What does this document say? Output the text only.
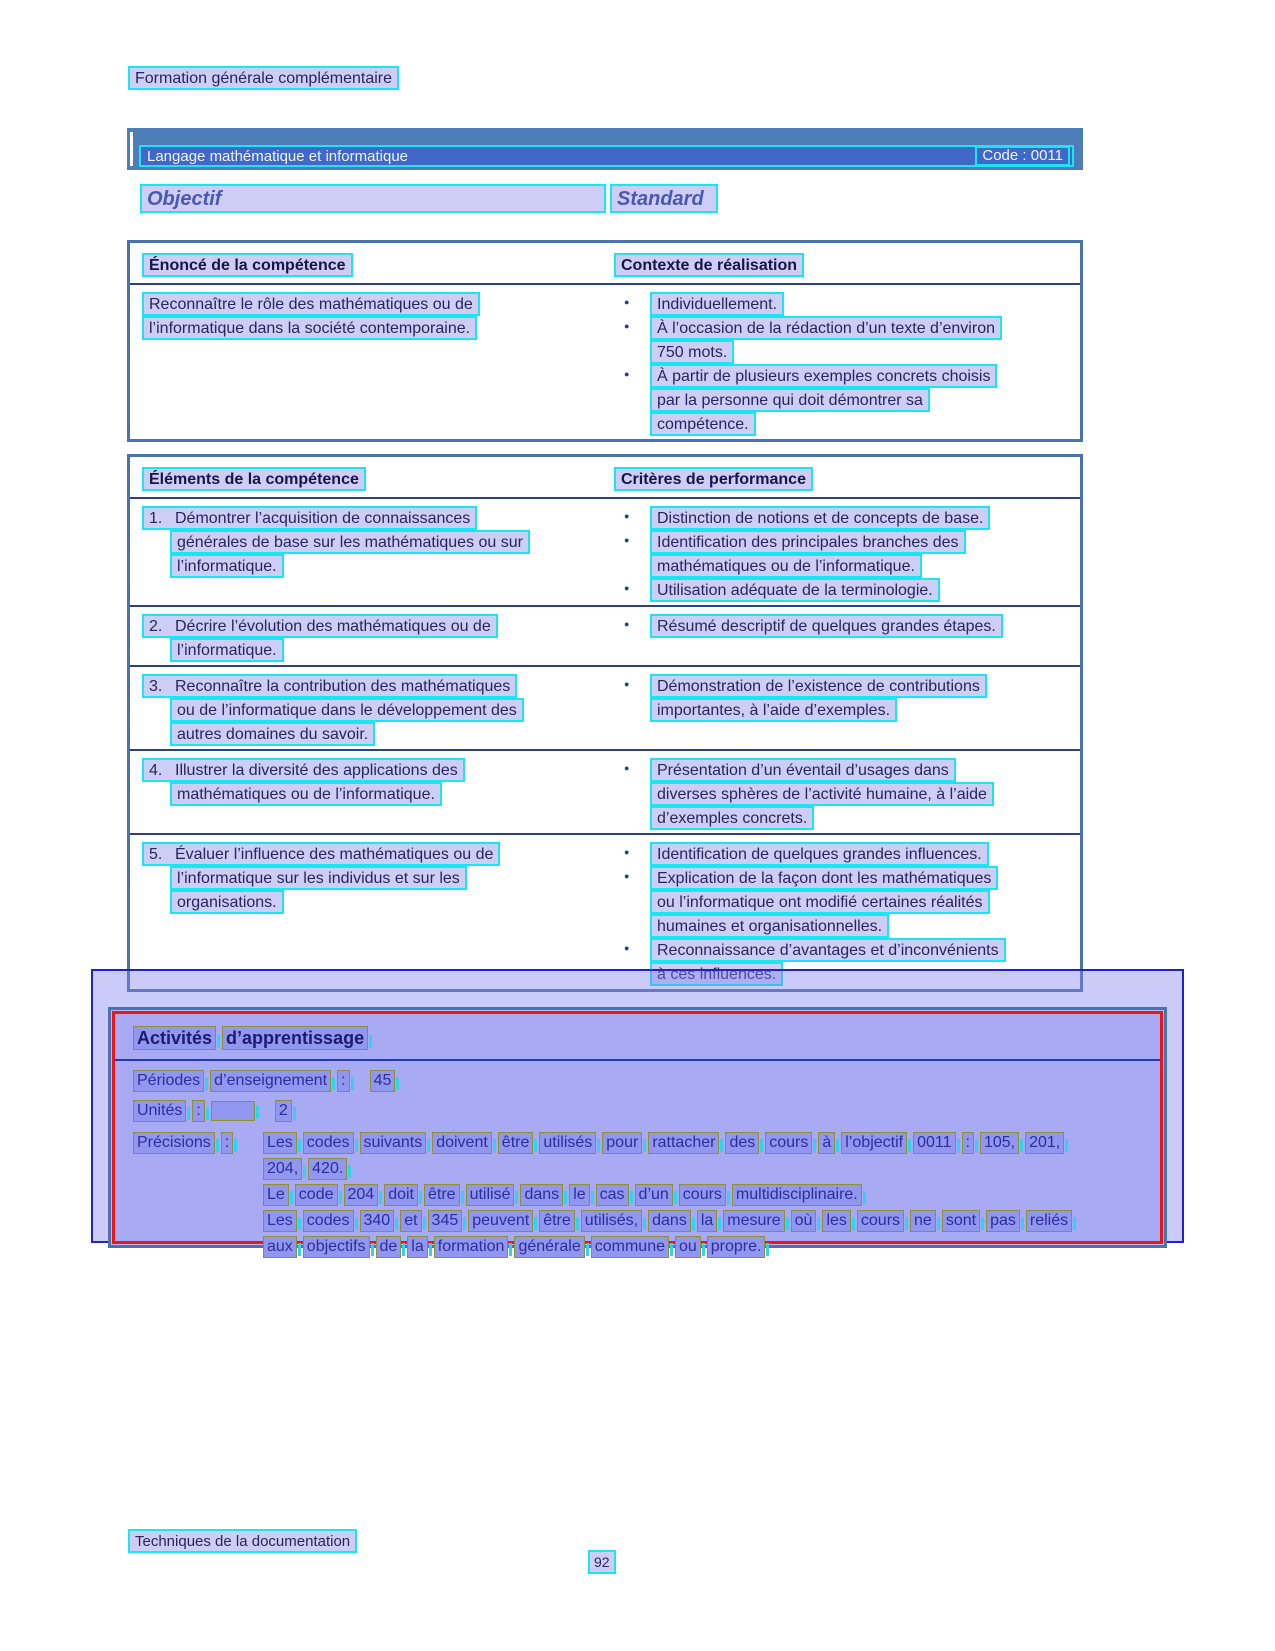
Formation générale complémentaire
Langage mathématique et informatique	Code : 0011
Objectif	Standard
Énoncé de la compétence	Contexte de réalisation
Reconnaître le rôle des mathématiques ou de
l’informatique dans la société contemporaine.
● Individuellement.
● À l’occasion de la rédaction d’un texte d’environ
750 mots.
● À partir de plusieurs exemples concrets choisis
par la personne qui doit démontrer sa
compétence.
Éléments de la compétence	Critères de performance
1. Démontrer l’acquisition de connaissances
générales de base sur les mathématiques ou sur
l’informatique.
● Distinction de notions et de concepts de base.
● Identification des principales branches des
mathématiques ou de l’informatique.
● Utilisation adéquate de la terminologie.
2. Décrire l’évolution des mathématiques ou de
l’informatique.
● Résumé descriptif de quelques grandes étapes.
3. Reconnaître la contribution des mathématiques
ou de l’informatique dans le développement des
autres domaines du savoir.
● Démonstration de l’existence de contributions
importantes, à l’aide d’exemples.
4. Illustrer la diversité des applications des
mathématiques ou de l’informatique.
● Présentation d’un éventail d’usages dans
diverses sphères de l’activité humaine, à l’aide
d’exemples concrets.
5. Évaluer l’influence des mathématiques ou de
l’informatique sur les individus et sur les
organisations.
● Identification de quelques grandes influences.
● Explication de la façon dont les mathématiques
ou l’informatique ont modifié certaines réalités
humaines et organisationnelles.
● Reconnaissance d’avantages et d’inconvénients
à ces influences.
Activités d’apprentissage
Périodes d’enseignement : 45
Unités :	2
Précisions :	Les codes suivants doivent être utilisés pour rattacher des cours à l’objectif 0011 : 105, 201,
204, 420.
Le code 204 doit être utilisé dans le cas d’un cours multidisciplinaire.
Les codes 340 et 345 peuvent être utilisés, dans la mesure où les cours ne sont pas reliés
aux objectifs de la formation générale commune ou propre.
Techniques de la documentation
92
